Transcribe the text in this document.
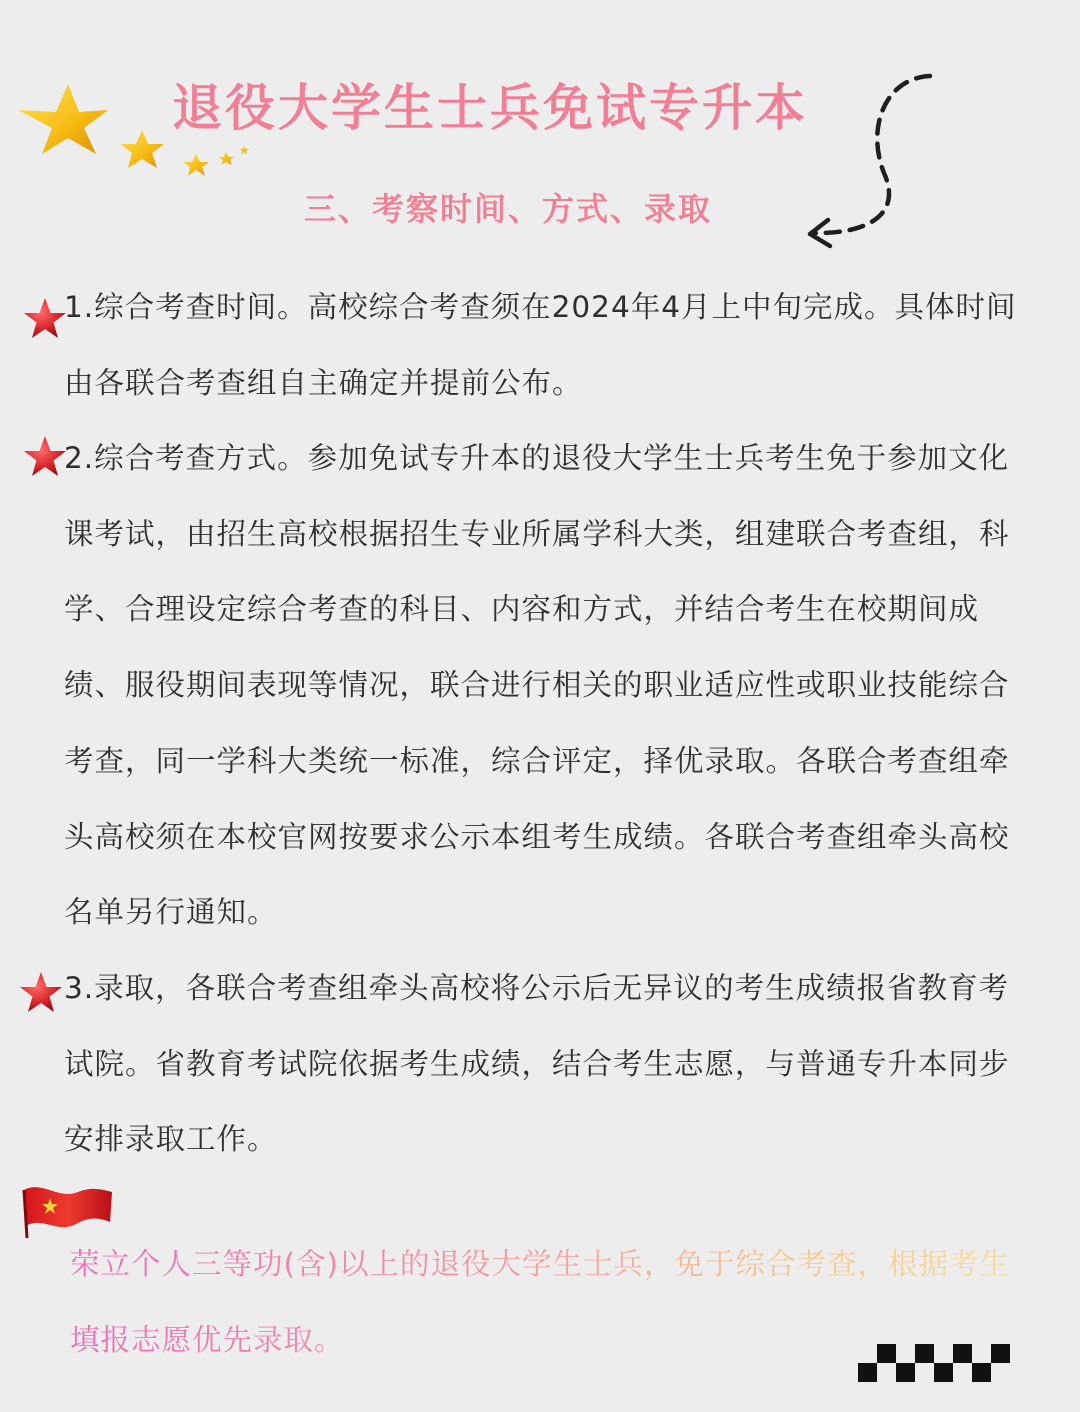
退役大学生士兵免试专升本
三、考察时间、方式、录取

1.综合考查时间。高校综合考查须在2024年4月上中旬完成。具体时间由各联合考查组自主确定并提前公布。

2.综合考查方式。参加免试专升本的退役大学生士兵考生免于参加文化课考试，由招生高校根据招生专业所属学科大类，组建联合考查组，科学、合理设定综合考查的科目、内容和方式，并结合考生在校期间成绩、服役期间表现等情况，联合进行相关的职业适应性或职业技能综合考查，同一学科大类统一标准，综合评定，择优录取。各联合考查组牵头高校须在本校官网按要求公示本组考生成绩。各联合考查组牵头高校名单另行通知。

3.录取，各联合考查组牵头高校将公示后无异议的考生成绩报省教育考试院。省教育考试院依据考生成绩，结合考生志愿，与普通专升本同步安排录取工作。

荣立个人三等功(含)以上的退役大学生士兵，免于综合考查，根据考生填报志愿优先录取。
